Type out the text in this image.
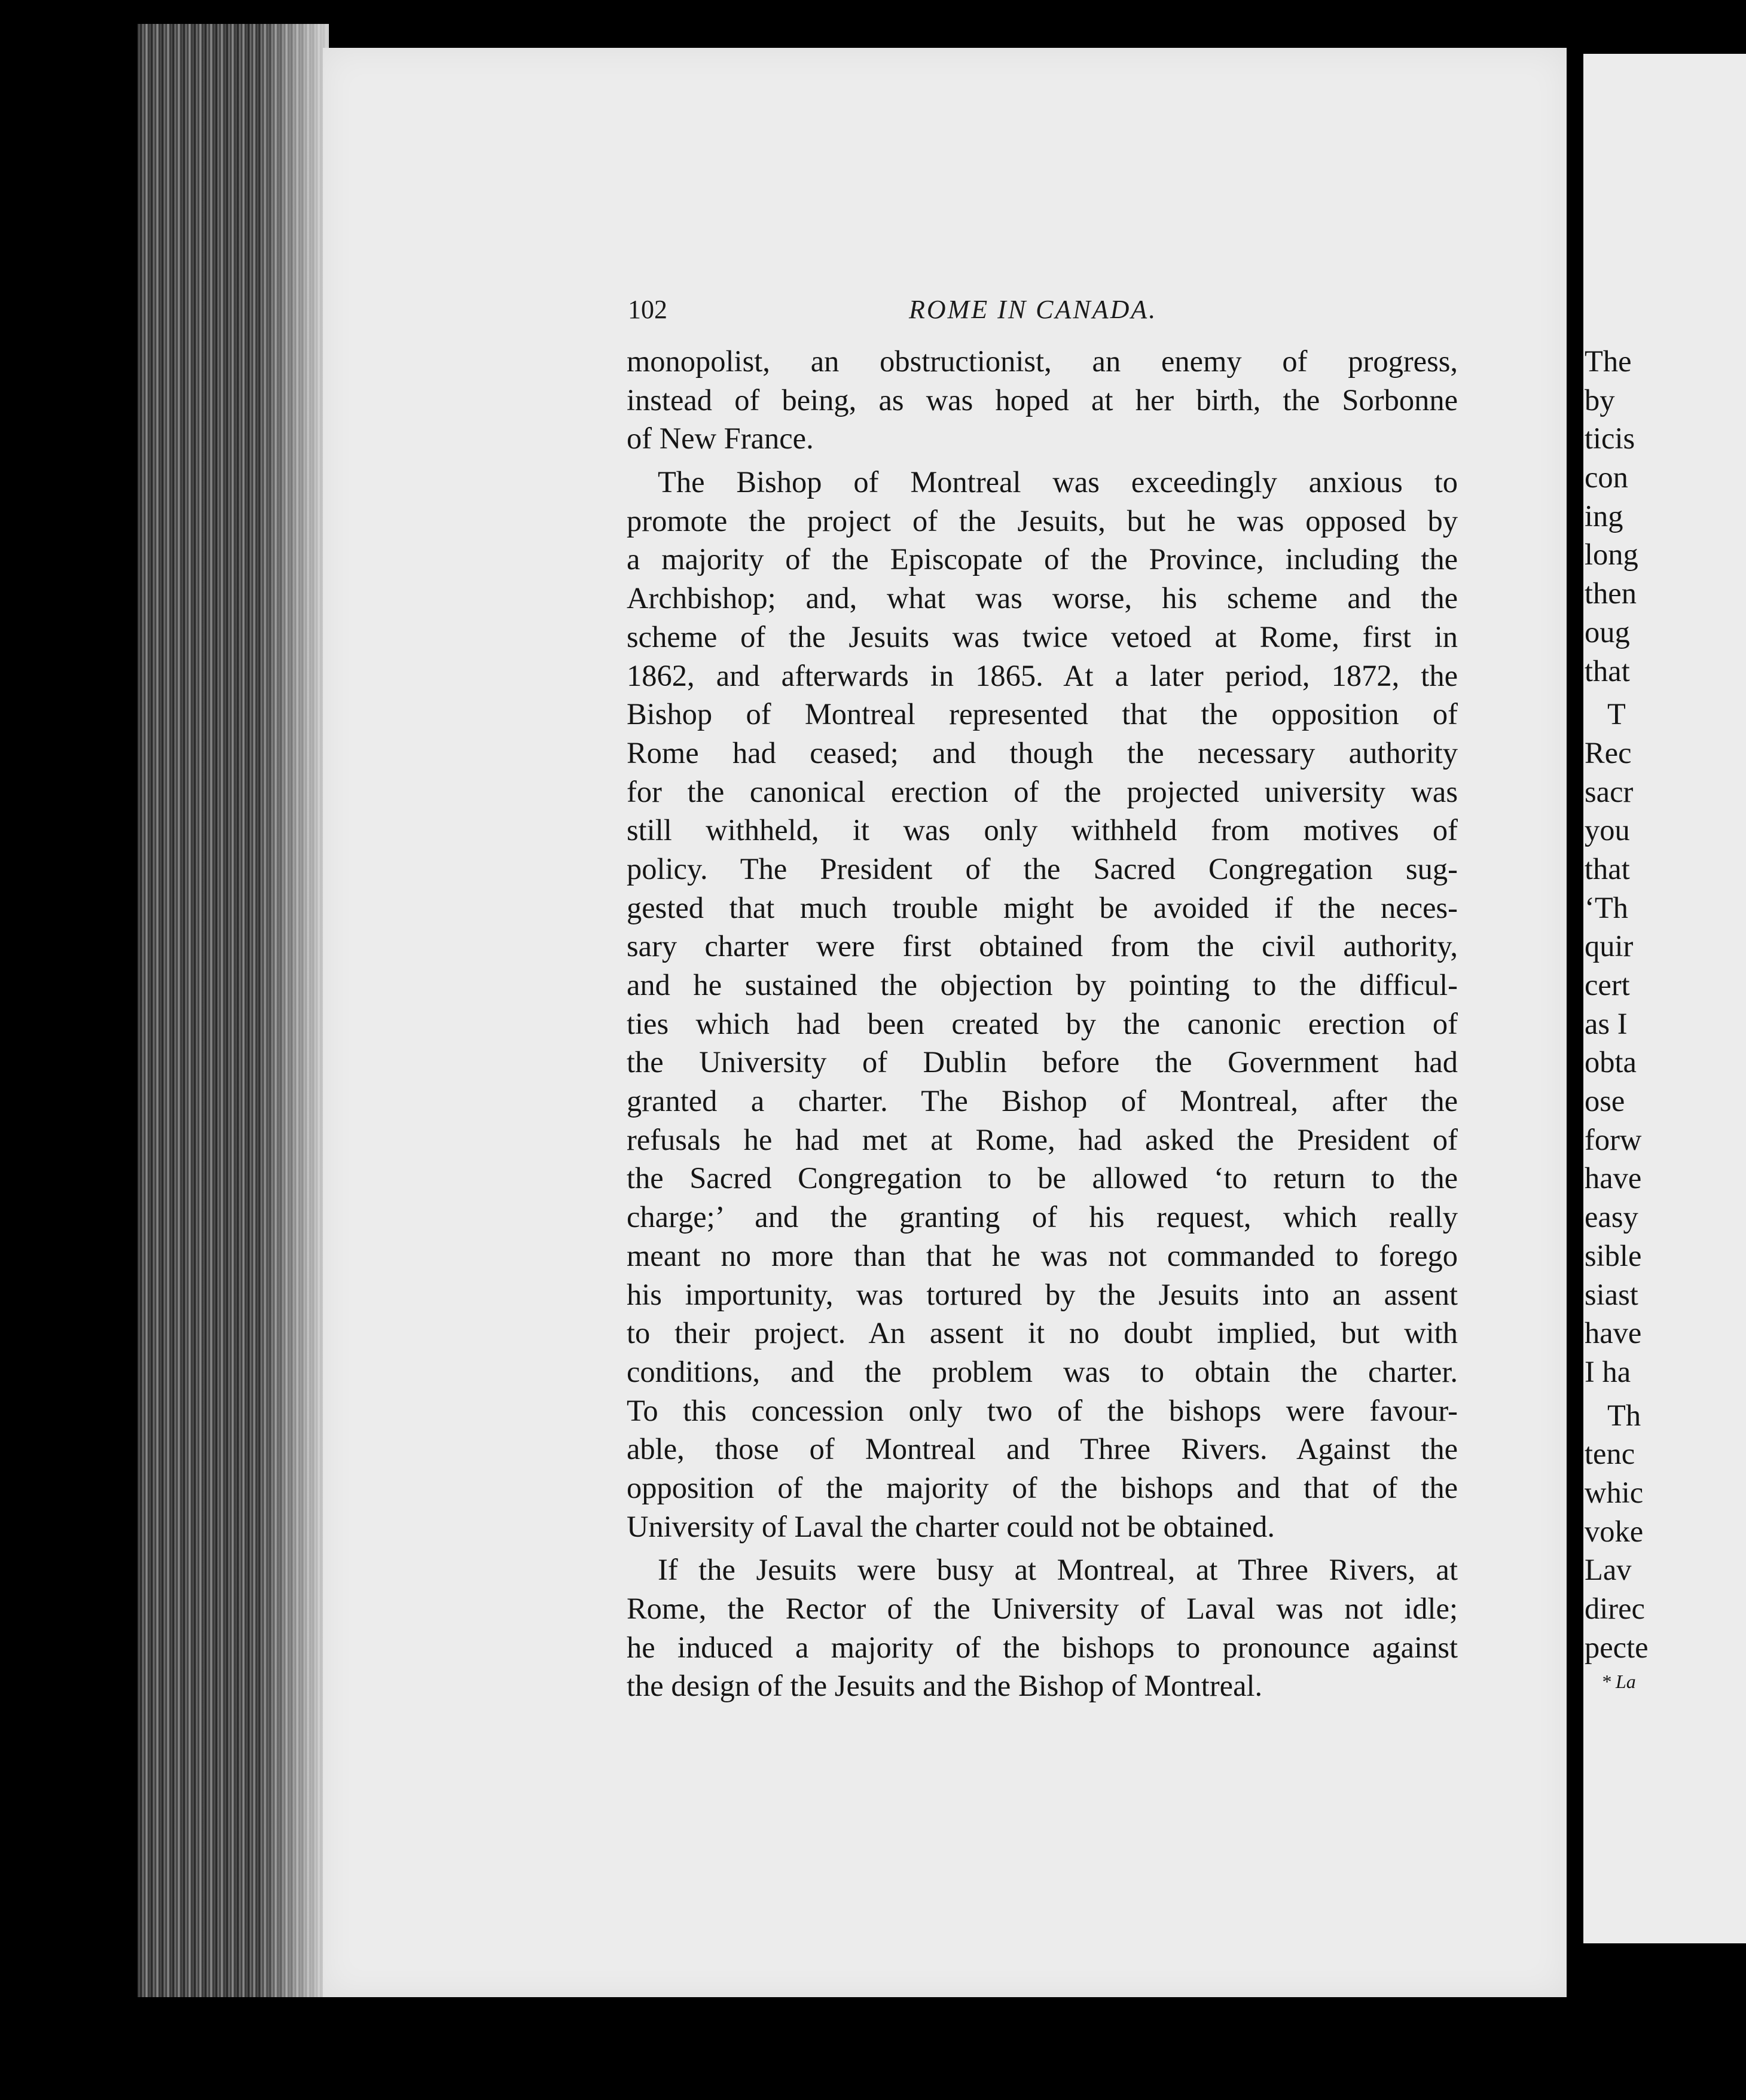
The
by
ticis
con
ing
long
then
oug
that
T
Rec
sacr
you
that
‘Th
quir
cert
as I
obta
ose
forw
have
easy
sible
siast
have
I ha
Th
tenc
whic
voke
Lav
direc
pecte
* La
102	ROME IN CANADA.
monopolist, an obstructionist, an enemy of progress,
instead of being, as was hoped at her birth, the Sorbonne
of New France.
The Bishop of Montreal was exceedingly anxious to
promote the project of the Jesuits, but he was opposed by
a majority of the Episcopate of the Province, including the
Archbishop; and, what was worse, his scheme and the
scheme of the Jesuits was twice vetoed at Rome, first in
1862, and afterwards in 1865. At a later period, 1872, the
Bishop of Montreal represented that the opposition of
Rome had ceased; and though the necessary authority
for the canonical erection of the projected university was
still withheld, it was only withheld from motives of
policy. The President of the Sacred Congregation sug-
gested that much trouble might be avoided if the neces-
sary charter were first obtained from the civil authority,
and he sustained the objection by pointing to the difficul-
ties which had been created by the canonic erection of
the University of Dublin before the Government had
granted a charter. The Bishop of Montreal, after the
refusals he had met at Rome, had asked the President of
the Sacred Congregation to be allowed ‘to return to the
charge;’ and the granting of his request, which really
meant no more than that he was not commanded to forego
his importunity, was tortured by the Jesuits into an assent
to their project. An assent it no doubt implied, but with
conditions, and the problem was to obtain the charter.
To this concession only two of the bishops were favour-
able, those of Montreal and Three Rivers. Against the
opposition of the majority of the bishops and that of the
University of Laval the charter could not be obtained.
If the Jesuits were busy at Montreal, at Three Rivers, at
Rome, the Rector of the University of Laval was not idle;
he induced a majority of the bishops to pronounce against
the design of the Jesuits and the Bishop of Montreal.
